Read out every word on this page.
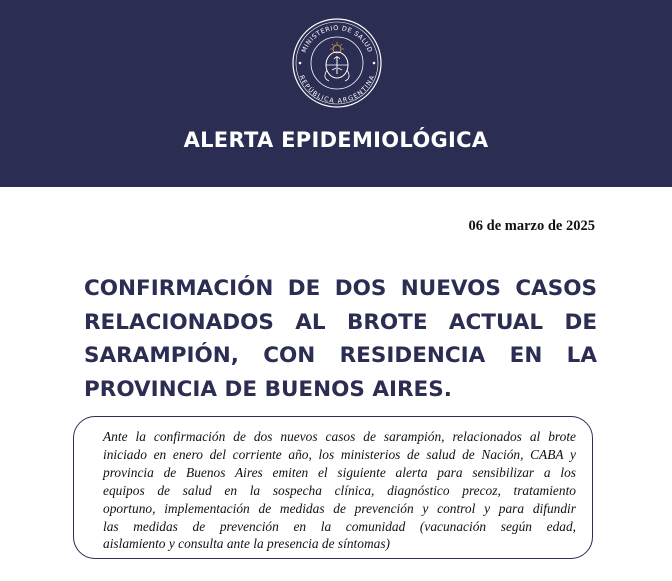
MINISTERIO DE SALUD
REPÚBLICA ARGENTINA
ALERTA EPIDEMIOLÓGICA
06 de marzo de 2025
CONFIRMACIÓN DE DOS NUEVOS CASOS
RELACIONADOS AL BROTE ACTUAL DE
SARAMPIÓN, CON RESIDENCIA EN LA
PROVINCIA DE BUENOS AIRES.
Ante la confirmación de dos nuevos casos de sarampión, relacionados al brote
iniciado en enero del corriente año, los ministerios de salud de Nación, CABA y
provincia de Buenos Aires emiten el siguiente alerta para sensibilizar a los
equipos de salud en la sospecha clínica, diagnóstico precoz, tratamiento
oportuno, implementación de medidas de prevención y control y para difundir
las medidas de prevención en la comunidad (vacunación según edad,
aislamiento y consulta ante la presencia de síntomas)
